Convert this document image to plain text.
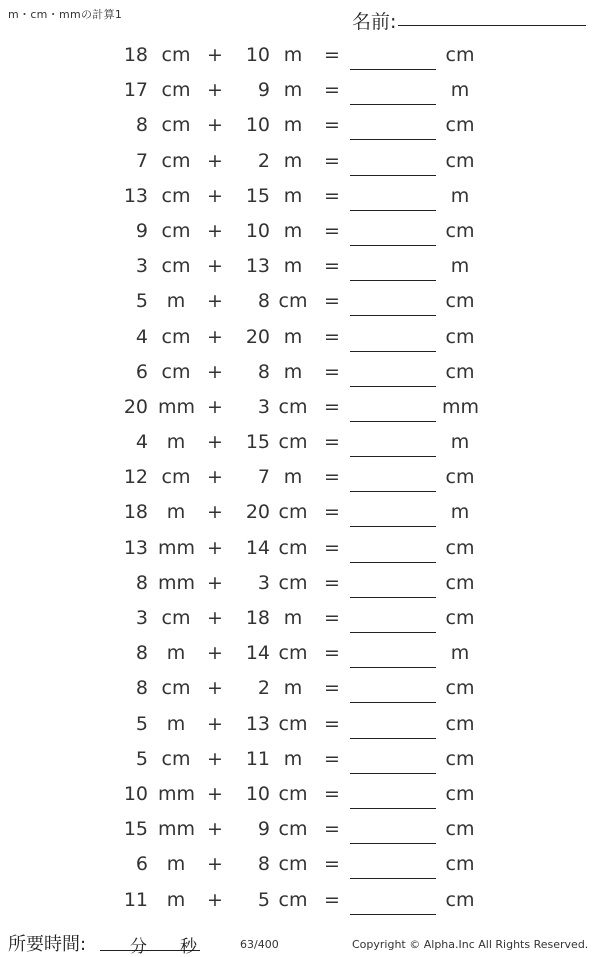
m・cm・mmの計算1	名前:
18 cm +	10 m	=	cm
17 cm +	9 m	=	m
8 cm +	10 m	=	cm
7 cm +	2 m	=	cm
13 cm +	15 m	=	m
9 cm +	10 m	=	cm
3 cm +	13 m	=	m
5 m	+	8 cm =	cm
4 cm +	20 m	=	cm
6 cm +	8 m	=	cm
20 mm +	3 cm =	mm
4 m	+	15 cm =	m
12 cm +	7 m	=	cm
18 m	+	20 cm =	m
13 mm +	14 cm =	cm
8 mm +	3 cm =	cm
3 cm +	18 m	=	cm
8 m	+	14 cm =	m
8 cm +	2 m	=	cm
5 m	+	13 cm =	cm
5 cm +	11 m	=	cm
10 mm +	10 cm =	cm
15 mm +	9 cm =	cm
6 m	+	8 cm =	cm
11 m	+	5 cm =	cm
所要時間:	分 秒	63/400	Copyright © Alpha.Inc All Rights Reserved.
